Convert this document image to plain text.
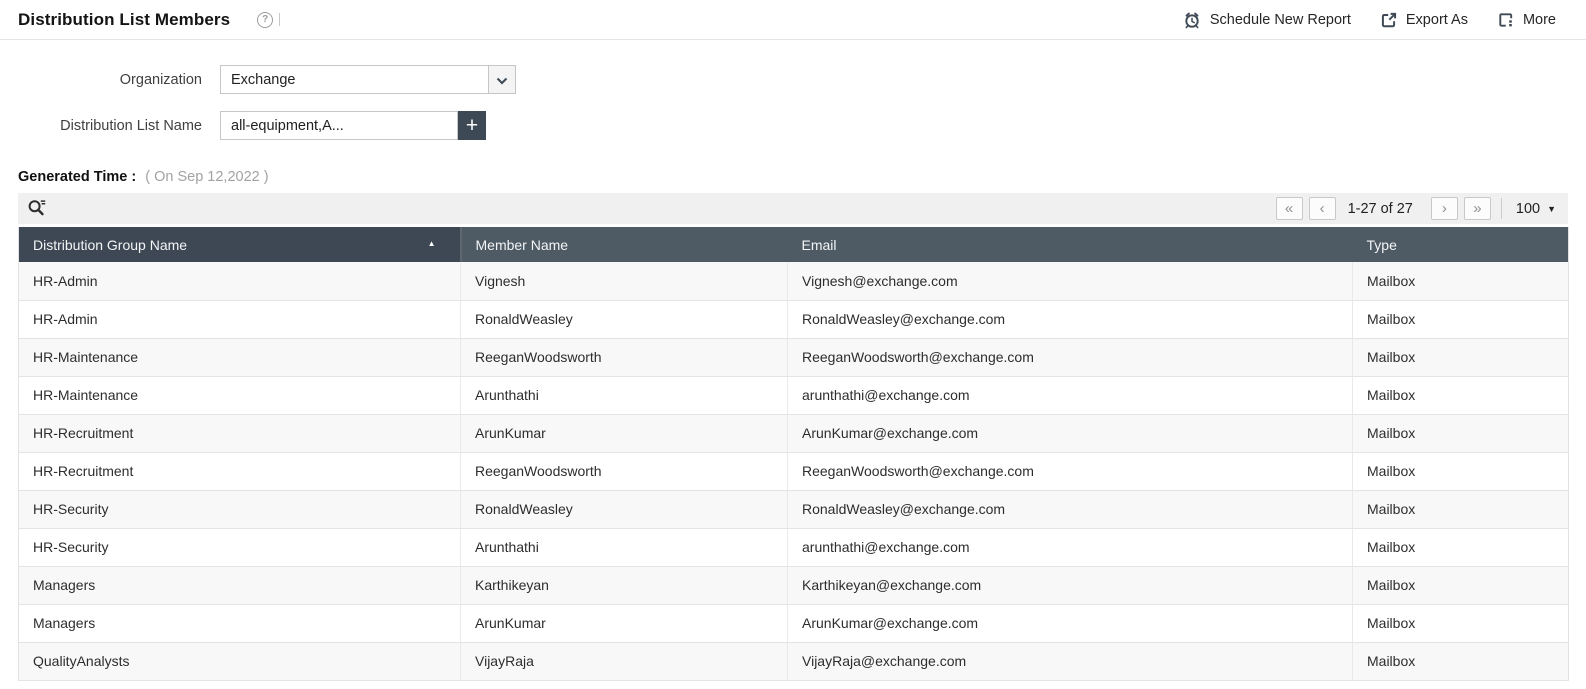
Distribution List Members	?	Schedule New Report	Export As	More
Organization Exchange
Distribution List Name
all-equipment,A...	+
Generated Time : ( On Sep 12,2022 )
«	‹	1-27 of 27	›	»	100 ▼
Distribution Group Name ▲	Member Name	Email	Type
HR-Admin	Vignesh	Vignesh@exchange.com	Mailbox
HR-Admin	RonaldWeasley	RonaldWeasley@exchange.com	Mailbox
HR-Maintenance	ReeganWoodsworth	ReeganWoodsworth@exchange.com	Mailbox
HR-Maintenance	Arunthathi	arunthathi@exchange.com	Mailbox
HR-Recruitment	ArunKumar	ArunKumar@exchange.com	Mailbox
HR-Recruitment	ReeganWoodsworth	ReeganWoodsworth@exchange.com	Mailbox
HR-Security	RonaldWeasley	RonaldWeasley@exchange.com	Mailbox
HR-Security	Arunthathi	arunthathi@exchange.com	Mailbox
Managers	Karthikeyan	Karthikeyan@exchange.com	Mailbox
Managers	ArunKumar	ArunKumar@exchange.com	Mailbox
QualityAnalysts	VijayRaja	VijayRaja@exchange.com	Mailbox
